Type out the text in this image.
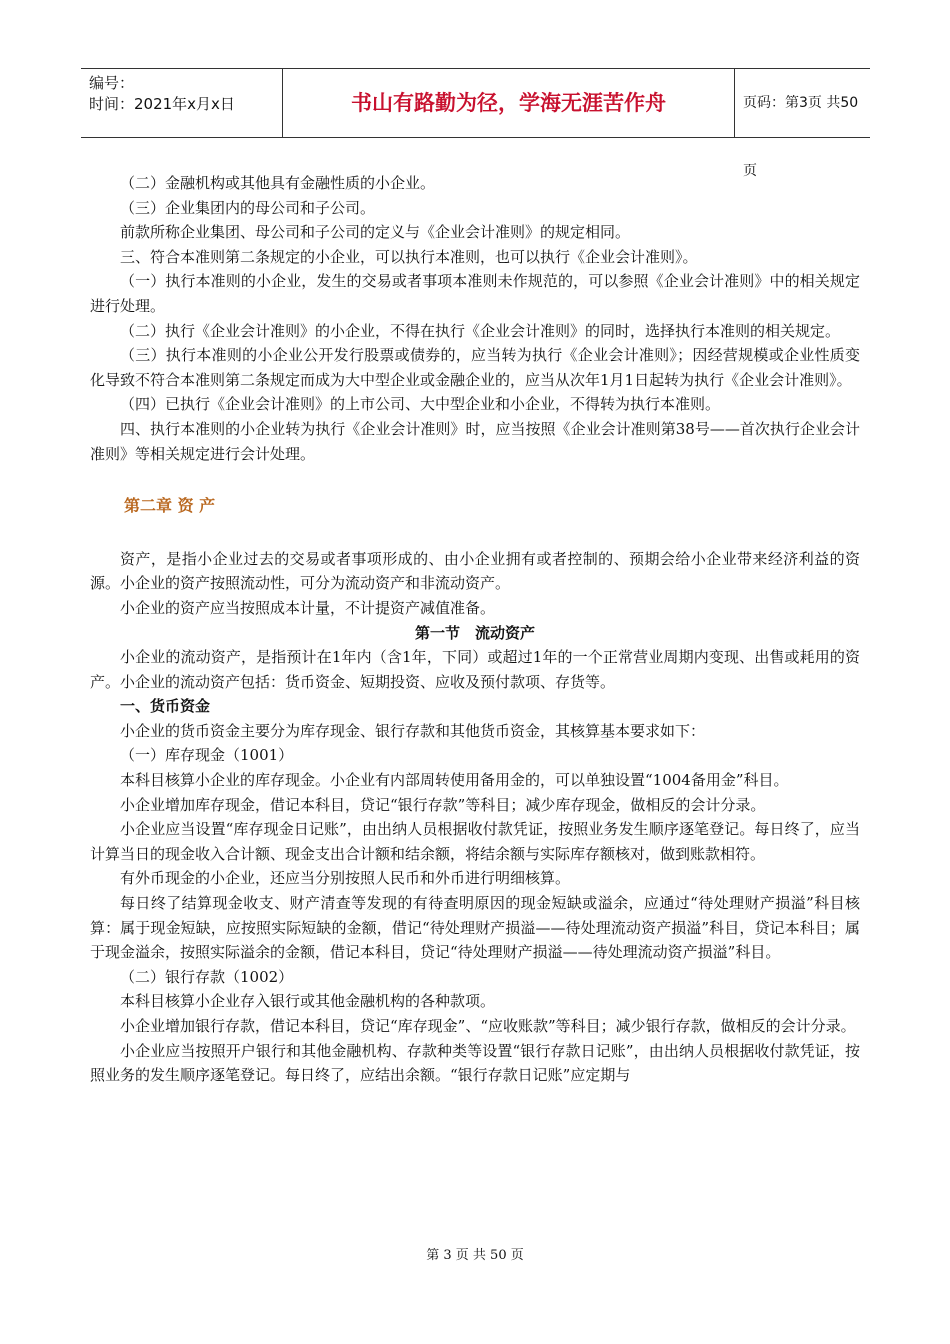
编号：
时间：2021年x月x日	书山有路勤为径，学海无涯苦作舟	页码：第3页 共50页

（二）金融机构或其他具有金融性质的小企业。

（三）企业集团内的母公司和子公司。

前款所称企业集团、母公司和子公司的定义与《企业会计准则》的规定相同。

三、符合本准则第二条规定的小企业，可以执行本准则，也可以执行《企业会计准则》。

（一）执行本准则的小企业，发生的交易或者事项本准则未作规范的，可以参照《企业会计准则》中的相关规定进行处理。

（二）执行《企业会计准则》的小企业，不得在执行《企业会计准则》的同时，选择执行本准则的相关规定。

（三）执行本准则的小企业公开发行股票或债券的，应当转为执行《企业会计准则》；因经营规模或企业性质变化导致不符合本准则第二条规定而成为大中型企业或金融企业的，应当从次年1月1日起转为执行《企业会计准则》。

（四）已执行《企业会计准则》的上市公司、大中型企业和小企业，不得转为执行本准则。

四、执行本准则的小企业转为执行《企业会计准则》时，应当按照《企业会计准则第38号——首次执行企业会计准则》等相关规定进行会计处理。

第二章 资 产

资产，是指小企业过去的交易或者事项形成的、由小企业拥有或者控制的、预期会给小企业带来经济利益的资源。小企业的资产按照流动性，可分为流动资产和非流动资产。

小企业的资产应当按照成本计量，不计提资产减值准备。

第一节　流动资产

小企业的流动资产，是指预计在1年内（含1年，下同）或超过1年的一个正常营业周期内变现、出售或耗用的资产。小企业的流动资产包括：货币资金、短期投资、应收及预付款项、存货等。

一、货币资金

小企业的货币资金主要分为库存现金、银行存款和其他货币资金，其核算基本要求如下：

（一）库存现金（1001）

本科目核算小企业的库存现金。小企业有内部周转使用备用金的，可以单独设置“1004备用金”科目。

小企业增加库存现金，借记本科目，贷记“银行存款”等科目；减少库存现金，做相反的会计分录。

小企业应当设置“库存现金日记账”，由出纳人员根据收付款凭证，按照业务发生顺序逐笔登记。每日终了，应当计算当日的现金收入合计额、现金支出合计额和结余额，将结余额与实际库存额核对，做到账款相符。

有外币现金的小企业，还应当分别按照人民币和外币进行明细核算。

每日终了结算现金收支、财产清查等发现的有待查明原因的现金短缺或溢余，应通过“待处理财产损溢”科目核算：属于现金短缺，应按照实际短缺的金额，借记“待处理财产损溢——待处理流动资产损溢”科目，贷记本科目；属于现金溢余，按照实际溢余的金额，借记本科目，贷记“待处理财产损溢——待处理流动资产损溢”科目。

（二）银行存款（1002）

本科目核算小企业存入银行或其他金融机构的各种款项。

小企业增加银行存款，借记本科目，贷记“库存现金”、“应收账款”等科目；减少银行存款，做相反的会计分录。

小企业应当按照开户银行和其他金融机构、存款种类等设置“银行存款日记账”，由出纳人员根据收付款凭证，按照业务的发生顺序逐笔登记。每日终了，应结出余额。“银行存款日记账”应定期与

第 3 页 共 50 页
